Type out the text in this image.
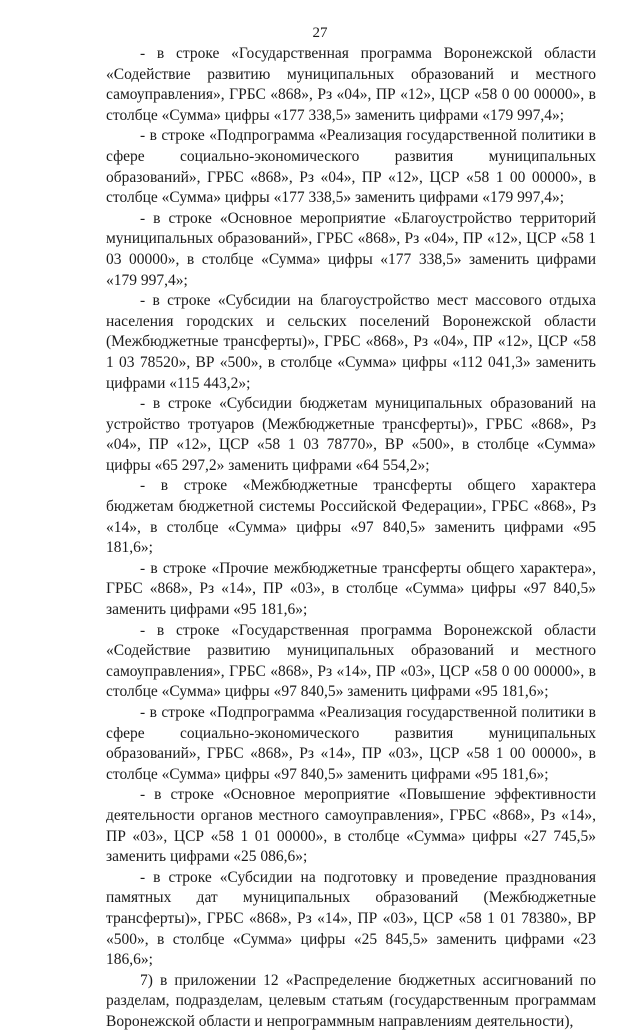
27

- в строке «Государственная программа Воронежской области «Содействие развитию муниципальных образований и местного самоуправления», ГРБС «868», Рз «04», ПР «12», ЦСР «58 0 00 00000», в столбце «Сумма» цифры «177 338,5» заменить цифрами «179 997,4»;

- в строке «Подпрограмма «Реализация государственной политики в сфере социально-экономического развития муниципальных образований», ГРБС «868», Рз «04», ПР «12», ЦСР «58 1 00 00000», в столбце «Сумма» цифры «177 338,5» заменить цифрами «179 997,4»;

- в строке «Основное мероприятие «Благоустройство территорий муниципальных образований», ГРБС «868», Рз «04», ПР «12», ЦСР «58 1 03 00000», в столбце «Сумма» цифры «177 338,5» заменить цифрами «179 997,4»;

- в строке «Субсидии на благоустройство мест массового отдыха населения городских и сельских поселений Воронежской области (Межбюджетные трансферты)», ГРБС «868», Рз «04», ПР «12», ЦСР «58 1 03 78520», ВР «500», в столбце «Сумма» цифры «112 041,3» заменить цифрами «115 443,2»;

- в строке «Субсидии бюджетам муниципальных образований на устройство тротуаров (Межбюджетные трансферты)», ГРБС «868», Рз «04», ПР «12», ЦСР «58 1 03 78770», ВР «500», в столбце «Сумма» цифры «65 297,2» заменить цифрами «64 554,2»;

- в строке «Межбюджетные трансферты общего характера бюджетам бюджетной системы Российской Федерации», ГРБС «868», Рз «14», в столбце «Сумма» цифры «97 840,5» заменить цифрами «95 181,6»;

- в строке «Прочие межбюджетные трансферты общего характера», ГРБС «868», Рз «14», ПР «03», в столбце «Сумма» цифры «97 840,5» заменить цифрами «95 181,6»;

- в строке «Государственная программа Воронежской области «Содействие развитию муниципальных образований и местного самоуправления», ГРБС «868», Рз «14», ПР «03», ЦСР «58 0 00 00000», в столбце «Сумма» цифры «97 840,5» заменить цифрами «95 181,6»;

- в строке «Подпрограмма «Реализация государственной политики в сфере социально-экономического развития муниципальных образований», ГРБС «868», Рз «14», ПР «03», ЦСР «58 1 00 00000», в столбце «Сумма» цифры «97 840,5» заменить цифрами «95 181,6»;

- в строке «Основное мероприятие «Повышение эффективности деятельности органов местного самоуправления», ГРБС «868», Рз «14», ПР «03», ЦСР «58 1 01 00000», в столбце «Сумма» цифры «27 745,5» заменить цифрами «25 086,6»;

- в строке «Субсидии на подготовку и проведение празднования памятных дат муниципальных образований (Межбюджетные трансферты)», ГРБС «868», Рз «14», ПР «03», ЦСР «58 1 01 78380», ВР «500», в столбце «Сумма» цифры «25 845,5» заменить цифрами «23 186,6»;

7) в приложении 12 «Распределение бюджетных ассигнований по разделам, подразделам, целевым статьям (государственным программам Воронежской области и непрограммным направлениям деятельности),
